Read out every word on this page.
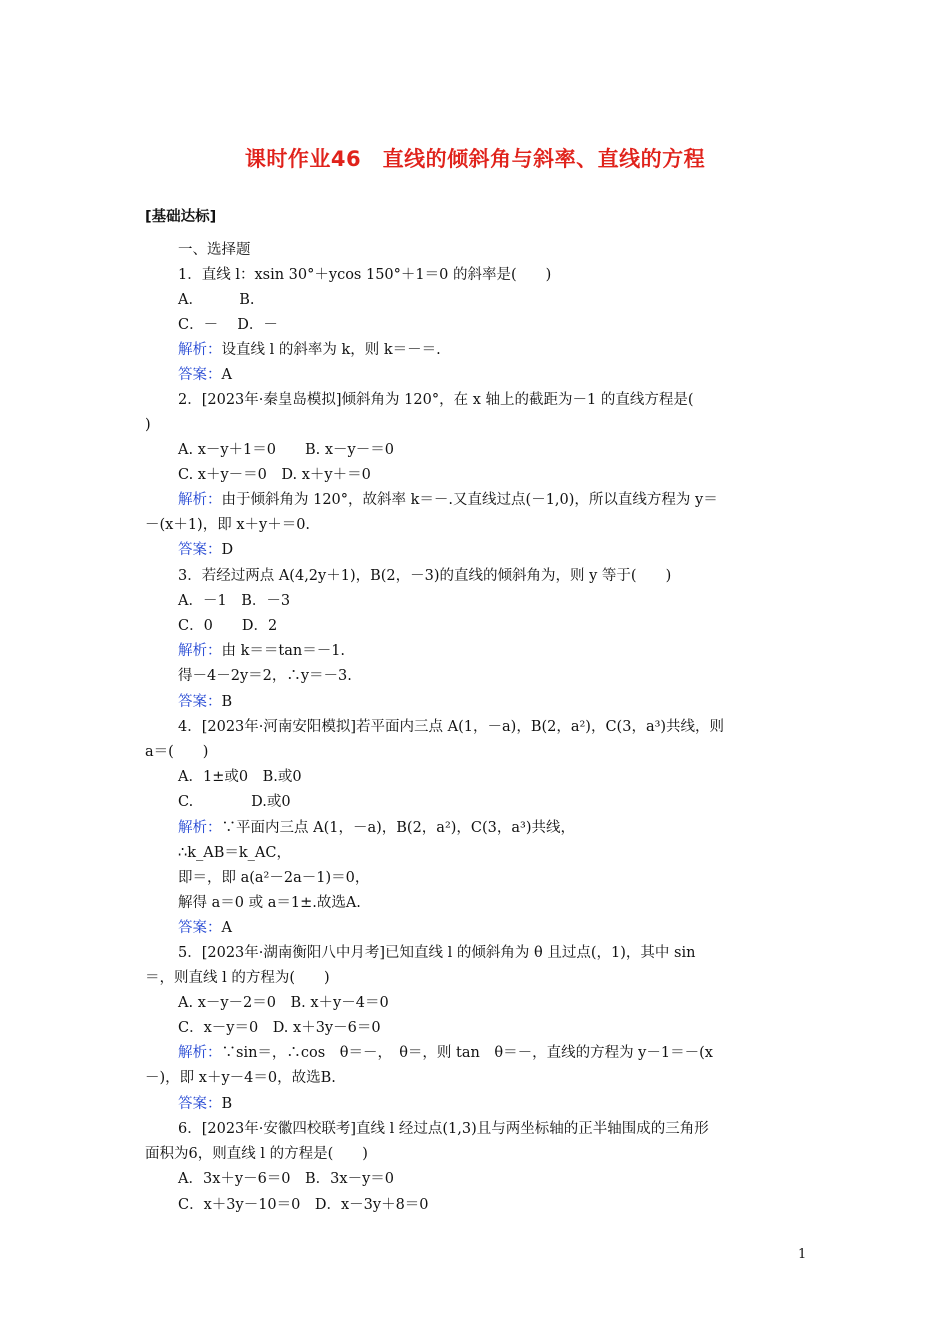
课时作业46　直线的倾斜角与斜率、直线的方程
[基础达标]
一、选择题
1．直线 l：xsin 30°＋ycos 150°＋1＝0 的斜率是(　　)
A．　　　B.
C．－　 D．－
解析：设直线 l 的斜率为 k，则 k＝－＝.
答案：A
2．[2023年·秦皇岛模拟]倾斜角为 120°，在 x 轴上的截距为－1 的直线方程是(
)
A. x－y＋1＝0　　B. x－y－＝0
C. x＋y－＝0　D. x＋y＋＝0
解析：由于倾斜角为 120°，故斜率 k＝－.又直线过点(－1,0)，所以直线方程为 y＝
－(x＋1)，即 x＋y＋＝0.
答案：D
3．若经过两点 A(4,2y＋1)，B(2，－3)的直线的倾斜角为，则 y 等于(　　)
A．－1　B．－3
C．0　　D．2
解析：由 k＝＝tan＝－1.
得－4－2y＝2，∴y＝－3.
答案：B
4．[2023年·河南安阳模拟]若平面内三点 A(1，－a)，B(2，a²)，C(3，a³)共线，则
a＝(　　)
A．1±或0　B.或0
C.　　　　D.或0
解析：∵平面内三点 A(1，－a)，B(2，a²)，C(3，a³)共线，
∴k_AB＝k_AC，
即＝，即 a(a²－2a－1)＝0，
解得 a＝0 或 a＝1±.故选A.
答案：A
5．[2023年·湖南衡阳八中月考]已知直线 l 的倾斜角为 θ 且过点(，1)，其中 sin
＝，则直线 l 的方程为(　　)
A. x－y－2＝0　B. x＋y－4＝0
C．x－y＝0　D. x＋3y－6＝0
解析：∵sin＝，∴cos　θ＝－，　θ＝，则 tan　θ＝－，直线的方程为 y－1＝－(x
－)，即 x＋y－4＝0，故选B.
答案：B
6．[2023年·安徽四校联考]直线 l 经过点(1,3)且与两坐标轴的正半轴围成的三角形
面积为6，则直线 l 的方程是(　　)
A．3x＋y－6＝0　B．3x－y＝0
C．x＋3y－10＝0　D．x－3y＋8＝0
1
